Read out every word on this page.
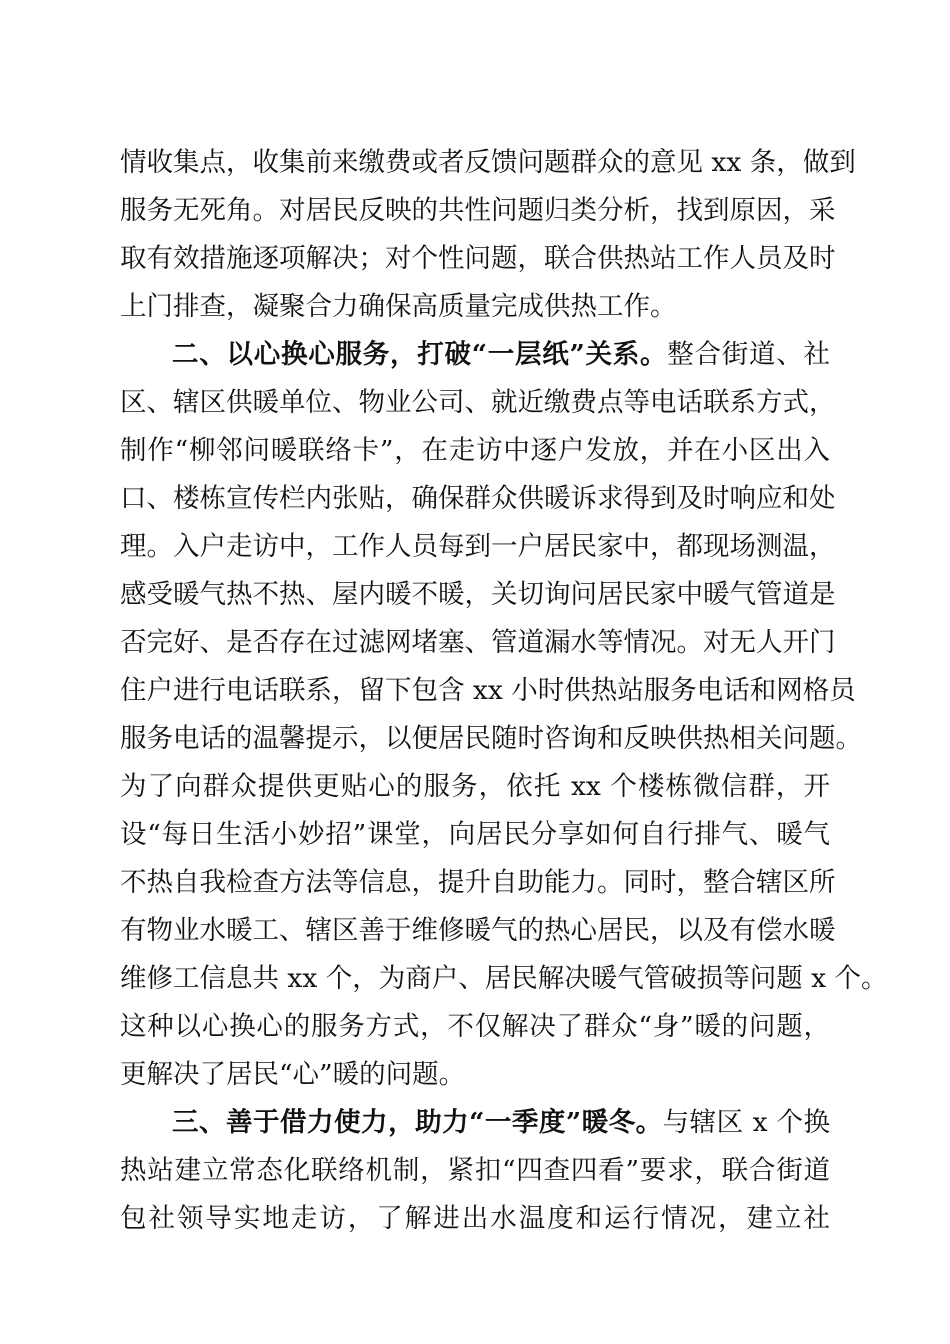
情收集点，收集前来缴费或者反馈问题群众的意见 xx 条，做到
服务无死角。对居民反映的共性问题归类分析，找到原因，采
取有效措施逐项解决；对个性问题，联合供热站工作人员及时
上门排查，凝聚合力确保高质量完成供热工作。
二、以心换心服务，打破“一层纸”关系。整合街道、社
区、辖区供暖单位、物业公司、就近缴费点等电话联系方式，
制作“柳邻问暖联络卡”，在走访中逐户发放，并在小区出入
口、楼栋宣传栏内张贴，确保群众供暖诉求得到及时响应和处
理。入户走访中，工作人员每到一户居民家中，都现场测温，
感受暖气热不热、屋内暖不暖，关切询问居民家中暖气管道是
否完好、是否存在过滤网堵塞、管道漏水等情况。对无人开门
住户进行电话联系，留下包含 xx 小时供热站服务电话和网格员
服务电话的温馨提示，以便居民随时咨询和反映供热相关问题。
为了向群众提供更贴心的服务，依托 xx 个楼栋微信群，开
设“每日生活小妙招”课堂，向居民分享如何自行排气、暖气
不热自我检查方法等信息，提升自助能力。同时，整合辖区所
有物业水暖工、辖区善于维修暖气的热心居民，以及有偿水暖
维修工信息共 xx 个，为商户、居民解决暖气管破损等问题 x 个。
这种以心换心的服务方式，不仅解决了群众“身”暖的问题，
更解决了居民“心”暖的问题。
三、善于借力使力，助力“一季度”暖冬。与辖区 x 个换
热站建立常态化联络机制，紧扣“四查四看”要求，联合街道
包社领导实地走访，了解进出水温度和运行情况，建立社
